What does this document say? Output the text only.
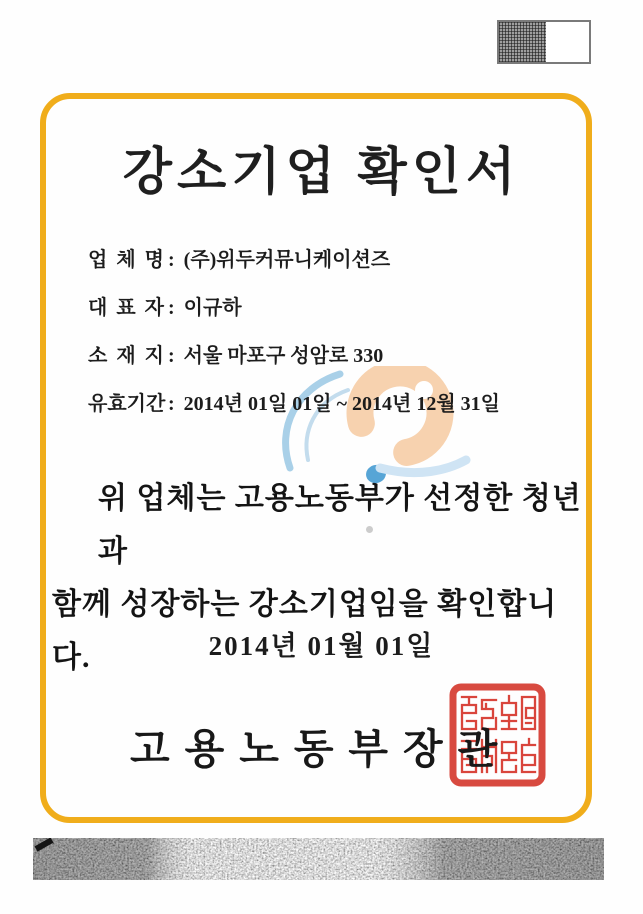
강소기업 확인서
업 체 명 : (주)위두커뮤니케이션즈
대 표 자 : 이규하
소 재 지 : 서울 마포구 성암로 330
유효기간 : 2014년 01일 01일 ~ 2014년 12월 31일
위 업체는 고용노동부가 선정한 청년과
함께 성장하는 강소기업임을 확인합니다.	2014년 01월 01일
고용노동부장관
